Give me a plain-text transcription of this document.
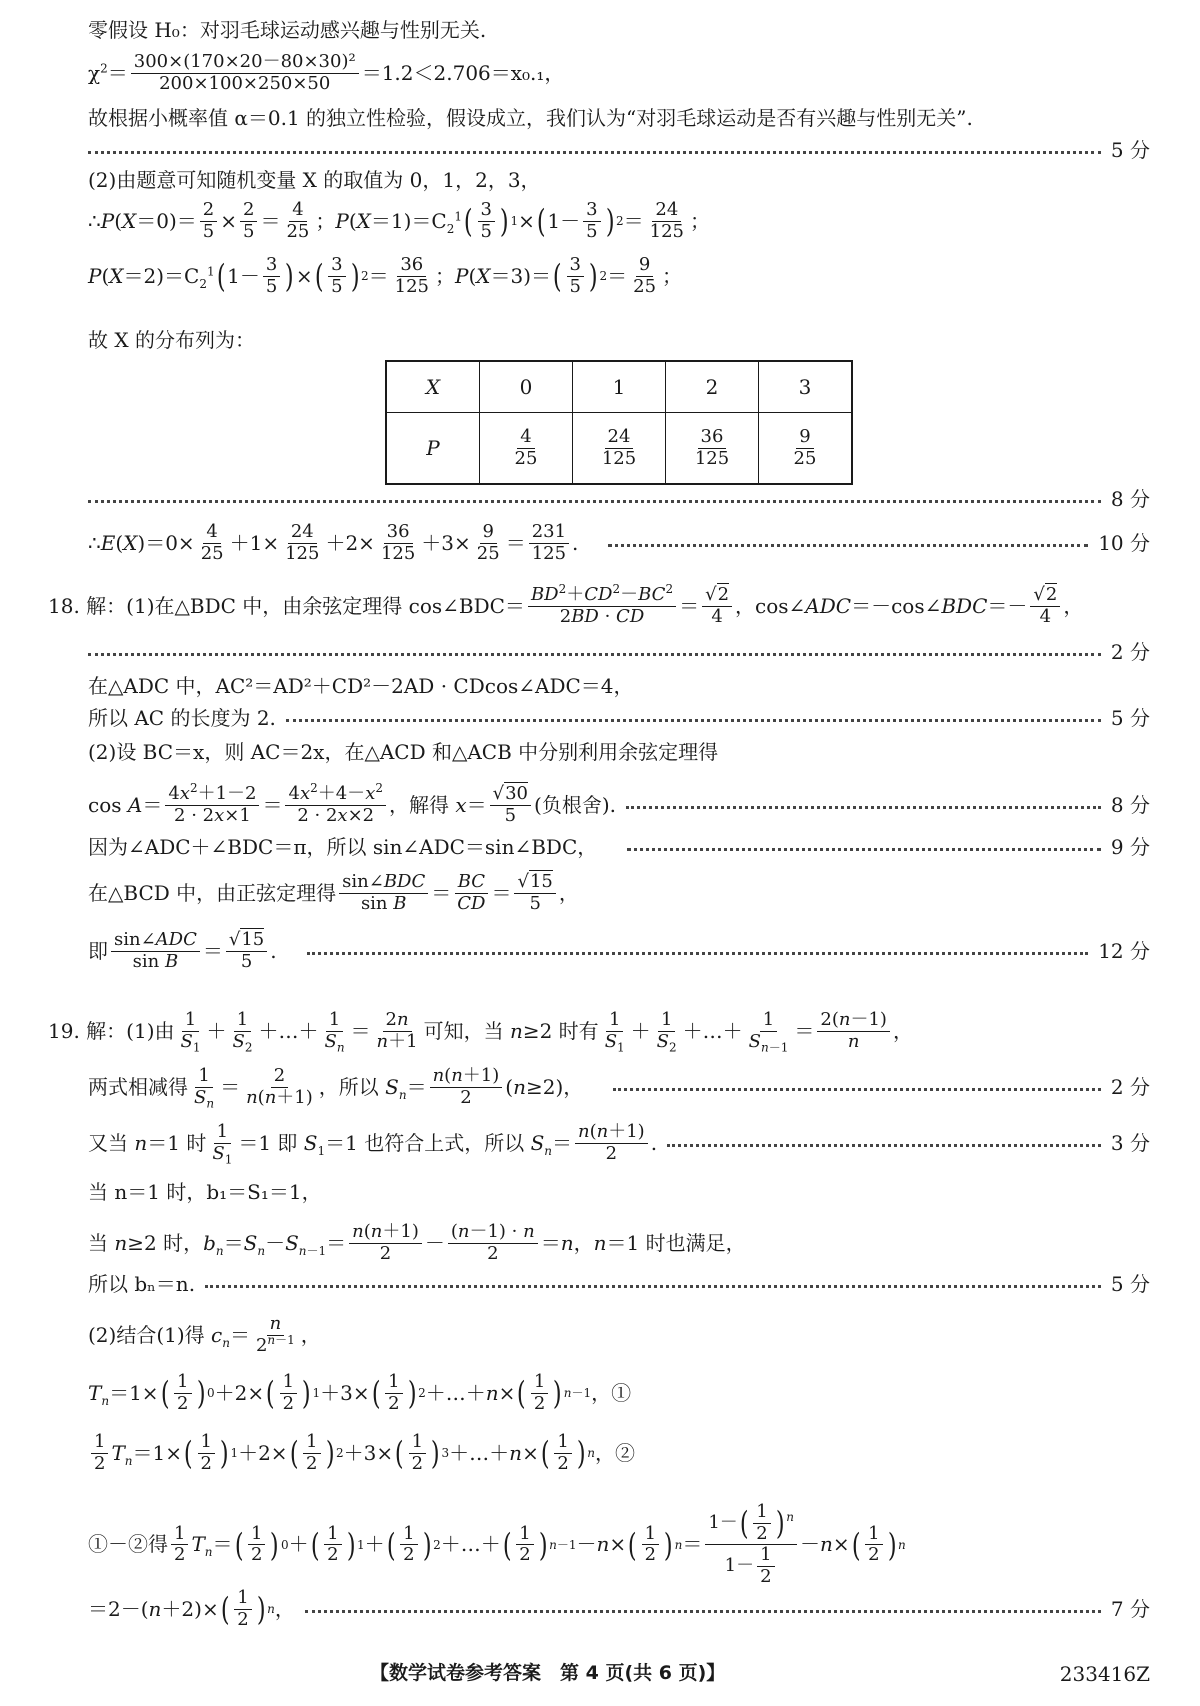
零假设 H₀：对羽毛球运动感兴趣与性别无关.
$\chi^2= \frac{\text{300×(170×20－80×30)²}}{200\times 100\times 250\times 50} =1.2<2.706=x_0._1$，
故根据小概率值 α＝0.1 的独立性检验，假设成立，我们认为“对羽毛球运动是否有兴趣与性别无关”.
5 分
(2)由题意可知随机变量 X 的取值为 0，1，2，3，
∴P(X＝0)＝ $\frac{2}{5} \times \frac{2}{5} = 4$
25 ；$P(X=1)=C_2^1$ ( 3
5 ) 1 × ( 1－ 3
5 ) 2 ＝ 24
125 ；
$P(X=2)=C_2^1$ ( 1－ 3
5 ) × ( 3
5 ) 2 ＝ 36
125 ；P(X＝3)＝ ( 3
5 ) 2 ＝ 9
25 ；
故 X 的分布列为：
X	0	1	2	3
P	$\frac{4}{25}$	$\frac{24}{125}$	$\frac{36}{125}$	$\frac{9}{25}$
8 分
∴E(X)＝0× $\frac{4}{25} +1\times \frac{24}{125} +2\times \frac{36}{125} +3\times \frac{9}{25} = 231$
125 .	10 分
18. 解：(1)在△BDC 中，由余弦定理得 cos∠BDC＝ $BD^2+CD^2-BC^2$
2BD · CD ＝ √2
4 ，cos∠ADC＝－cos∠BDC＝－ √2
4 ，
2 分
在△ADC 中，AC²＝AD²＋CD²－2AD · CDcos∠ADC＝4，
所以 AC 的长度为 2.	5 分
(2)设 BC＝x，则 AC＝2x，在△ACD 和△ACB 中分别利用余弦定理得
$\cos A= 4x^2+1-2$
$2 \cdot 2x\times 1 = 4x^2+4-x^2$
2 · 2x×2 ，解得 x＝ √30
5 (负根舍).	8 分
因为∠ADC＋∠BDC＝π，所以 sin∠ADC＝sin∠BDC，	9 分
在△BCD 中，由正弦定理得 sin∠BDC
sin B ＝ BC
CD ＝ √15
5 ，
即 sin∠ADC
sin B ＝ √15
5 .	12 分
19. 解：(1)由 1
$S_1$
＋ 1
$S_2$
＋…＋ 1
$S_n$
＝ 2n
n＋1 可知，当 n≥2 时有 1
$S_1$
＋ 1
$S_2$
＋…＋ 1
$S_{n-1}$
＝ 2(n－1)
n ，
两式相减得 1
$S_n$
＝ 2
n(n＋1) ，所以 $S_n= n(n+1)$
2 (n≥2)，	2 分
又当 n＝1 时 1
$S_1$
＝1 即 $S_1=1$ 也符合上式，所以 $S_n= n(n+1)$
2 .	3 分
当 n＝1 时，b₁＝S₁＝1，
当 n≥2 时，$b_n=S_n-S_{n-1}= n(n+1)$
2 － (n－1) · n
2 ＝n，n＝1 时也满足，
所以 bₙ＝n.	5 分
(2)结合(1)得 $c_n= n$
$2^{n-1}$ ，
$T_n=1\times$ ( 1
2 ) 0 ＋2× ( 1
2 ) 1 ＋3× ( 1
2 ) 2 ＋…＋n× ( 1
2 ) n－1 ，①
1
2 $T_n=1\times$ ( 1
2 ) 1 ＋2× ( 1
2 ) 2 ＋3× ( 1
2 ) 3 ＋…＋n× ( 1
2 ) n ，②
①－②得 1
2 $T_n=$ ( 1
2 ) 0 ＋ ( 1
2 ) 1 ＋ ( 1
2 ) 2 ＋…＋ ( 1
2 ) n－1 －n× ( 1
2 ) n ＝
$1-( \frac{1}{2}$ ) $^n$
$1- \frac{1}{2}$
－n× ( 1
2 ) n
＝2－(n＋2)× ( 1
2 ) n ，	7 分
【数学试卷参考答案　第 4 页(共 6 页)】	233416Z
